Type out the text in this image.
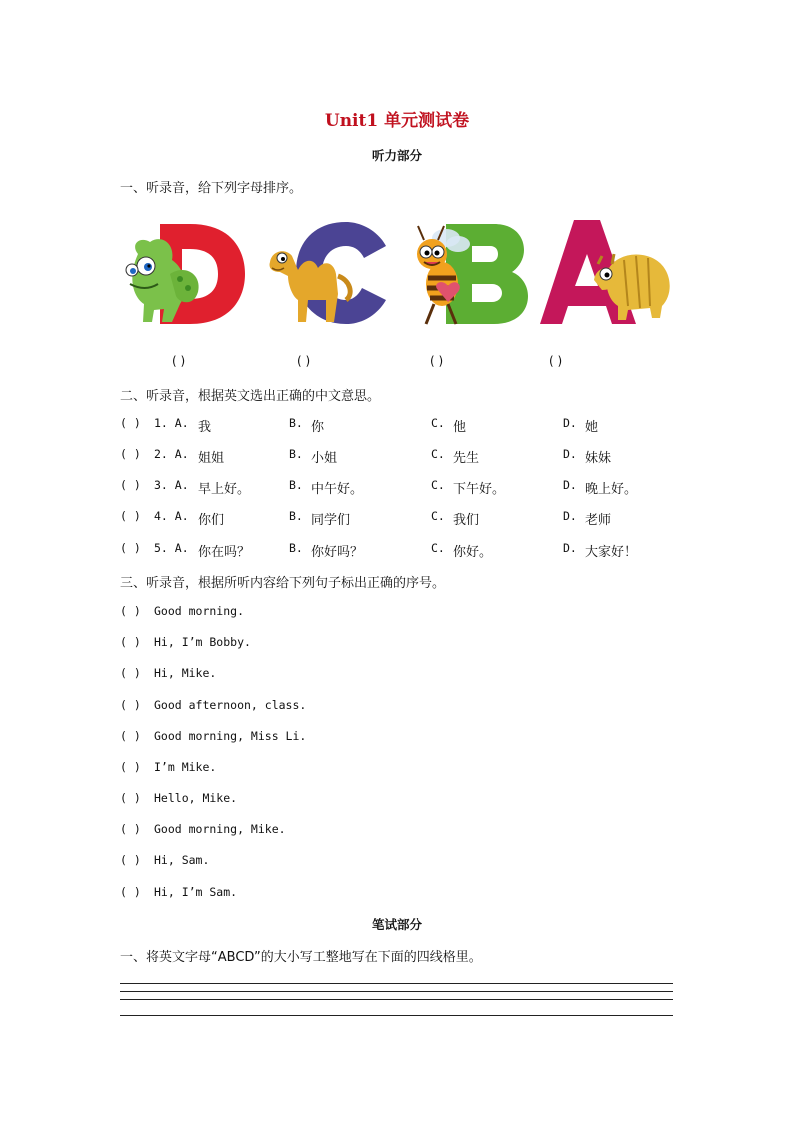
Unit1 单元测试卷
听力部分
一、听录音，给下列字母排序。
( )	( )	( )	( )
二、听录音，根据英文选出正确的中文意思。
( ) 1. A. 我	B. 你	C. 他	D. 她
( ) 2. A. 姐姐	B. 小姐	C. 先生	D. 妹妹
( ) 3. A. 早上好。	B. 中午好。	C. 下午好。	D. 晚上好。
( ) 4. A. 你们	B. 同学们	C. 我们	D. 老师
( ) 5. A. 你在吗？	B. 你好吗？	C. 你好。	D. 大家好！
三、听录音，根据所听内容给下列句子标出正确的序号。
( ) Good morning.
( ) Hi, I’m Bobby.
( ) Hi, Mike.
( ) Good afternoon, class.
( ) Good morning, Miss Li.
( ) I’m Mike.
( ) Hello, Mike.
( ) Good morning, Mike.
( ) Hi, Sam.
( ) Hi, I’m Sam.
笔试部分
一、将英文字母“ABCD”的大小写工整地写在下面的四线格里。
